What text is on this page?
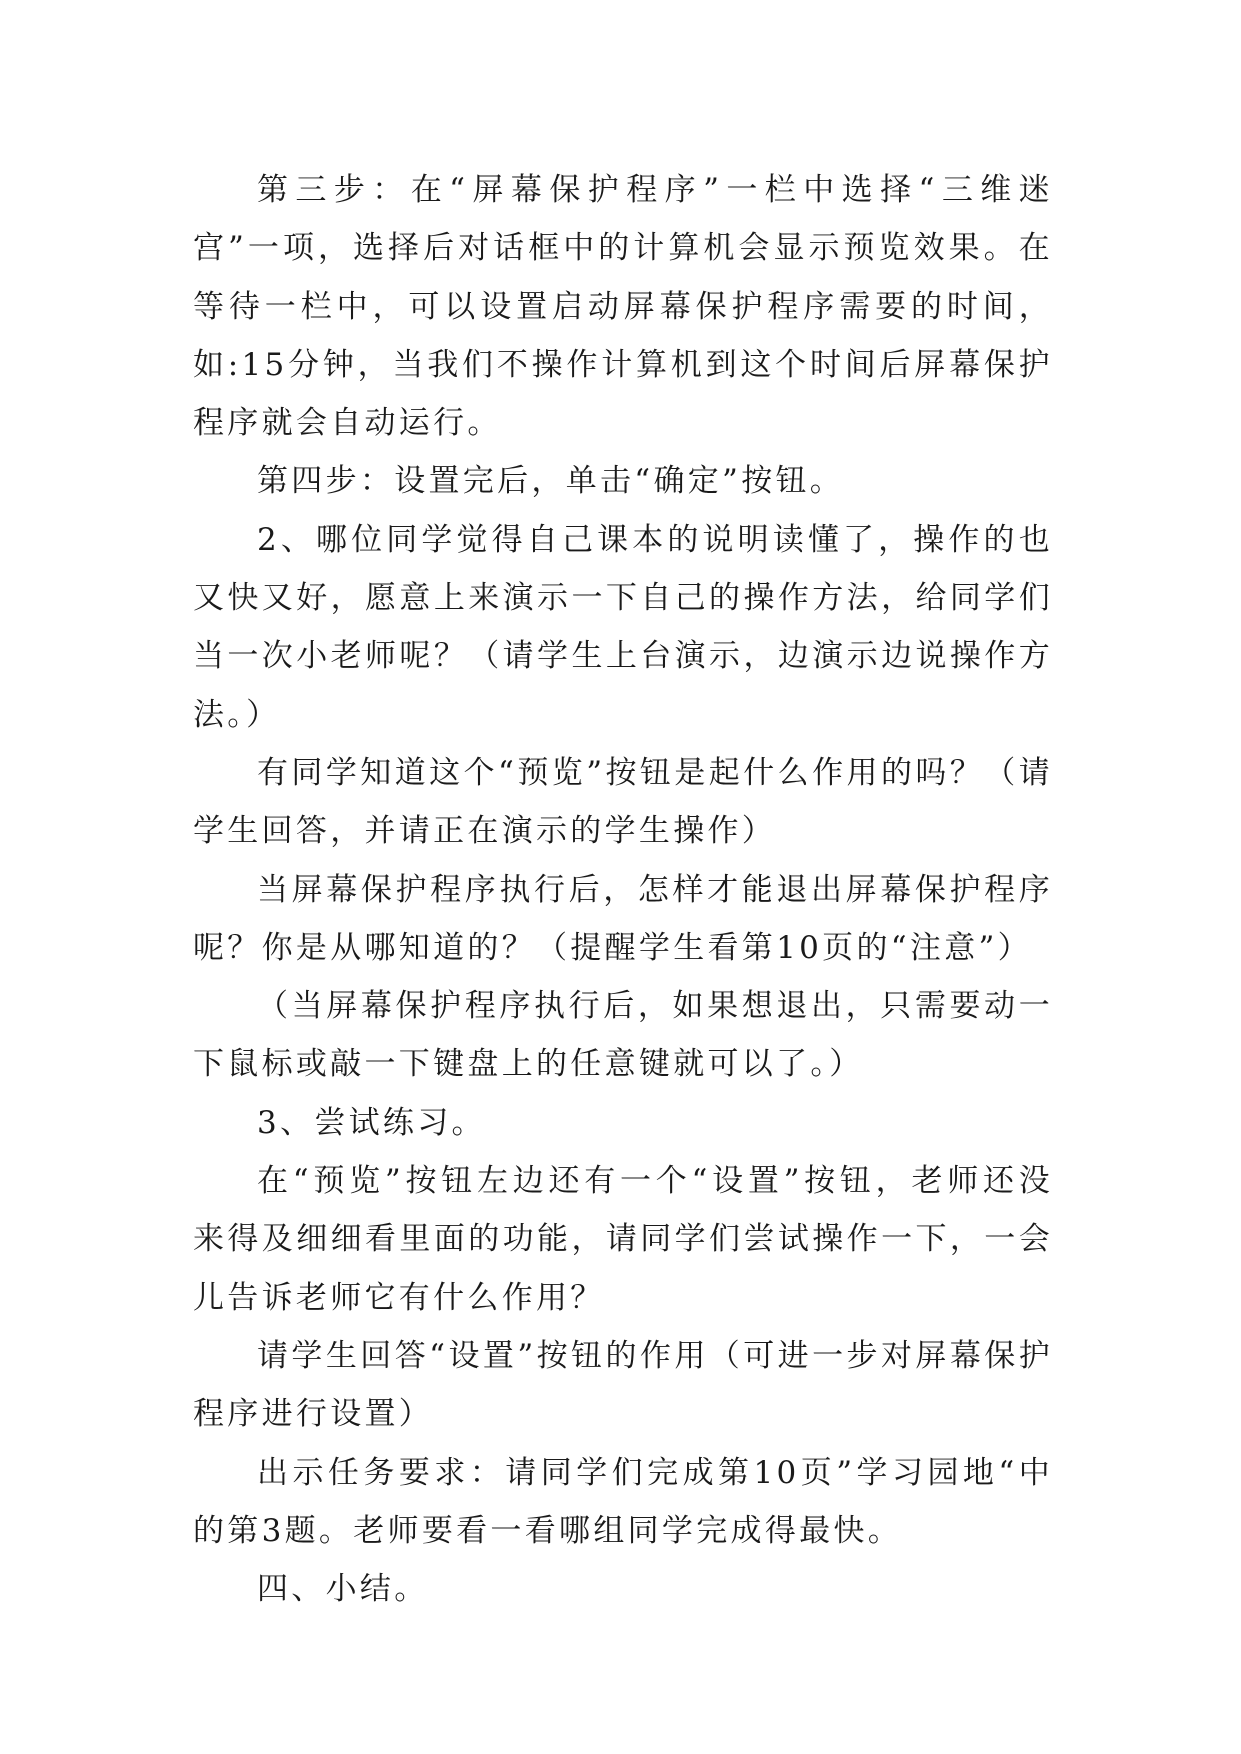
第三步：在“屏幕保护程序”一栏中选择“三维迷宫”一项，选择后对话框中的计算机会显示预览效果。在等待一栏中，可以设置启动屏幕保护程序需要的时间，如:15分钟，当我们不操作计算机到这个时间后屏幕保护程序就会自动运行。

第四步：设置完后，单击“确定”按钮。

2、哪位同学觉得自己课本的说明读懂了，操作的也又快又好，愿意上来演示一下自己的操作方法，给同学们当一次小老师呢？（请学生上台演示，边演示边说操作方法。）

有同学知道这个“预览”按钮是起什么作用的吗？（请学生回答，并请正在演示的学生操作）

当屏幕保护程序执行后，怎样才能退出屏幕保护程序呢？你是从哪知道的？（提醒学生看第10页的“注意”）

（当屏幕保护程序执行后，如果想退出，只需要动一下鼠标或敲一下键盘上的任意键就可以了。）

3、尝试练习。

在“预览”按钮左边还有一个“设置”按钮，老师还没来得及细细看里面的功能，请同学们尝试操作一下，一会儿告诉老师它有什么作用？

请学生回答“设置”按钮的作用（可进一步对屏幕保护程序进行设置）

出示任务要求：请同学们完成第10页”学习园地“中的第3题。老师要看一看哪组同学完成得最快。

四、小结。
